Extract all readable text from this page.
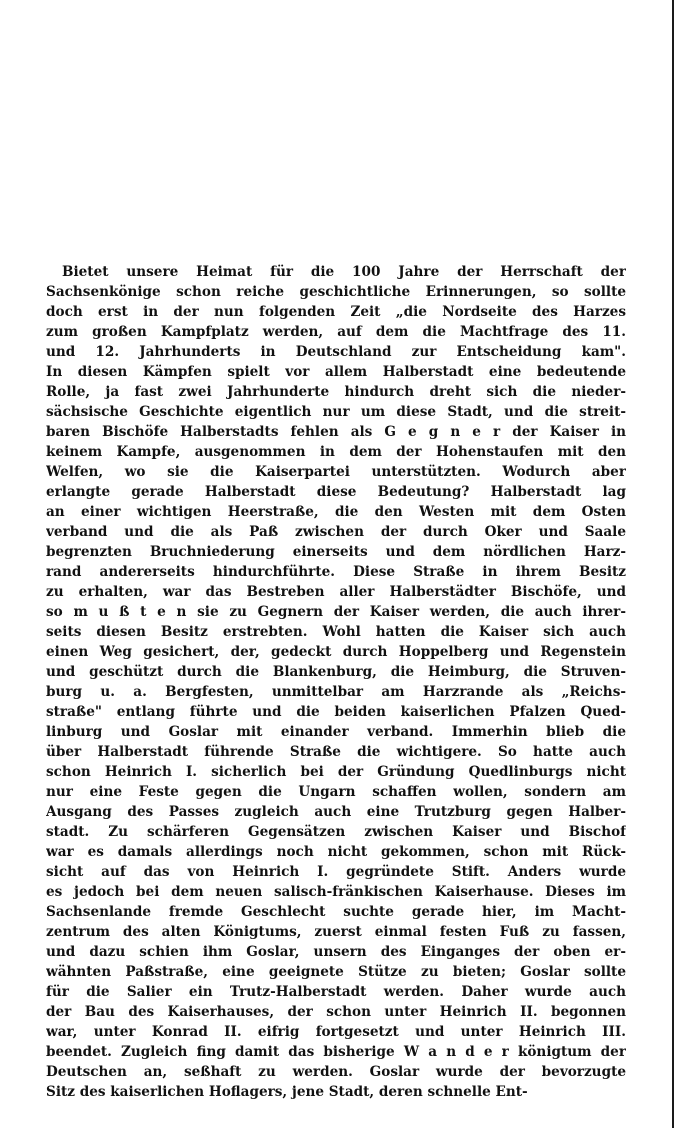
Bietet unsere Heimat für die 100 Jahre der Herrschaft der
Sachsenkönige schon reiche geschichtliche Erinnerungen, so sollte
doch erst in der nun folgenden Zeit „die Nordseite des Harzes
zum großen Kampfplatz werden, auf dem die Machtfrage des 11.
und 12. Jahrhunderts in Deutschland zur Entscheidung kam".
In diesen Kämpfen spielt vor allem Halberstadt eine bedeutende
Rolle, ja fast zwei Jahrhunderte hindurch dreht sich die nieder-
sächsische Geschichte eigentlich nur um diese Stadt, und die streit-
baren Bischöfe Halberstadts fehlen als G e g n e r der Kaiser in
keinem Kampfe, ausgenommen in dem der Hohenstaufen mit den
Welfen, wo sie die Kaiserpartei unterstützten. Wodurch aber
erlangte gerade Halberstadt diese Bedeutung? Halberstadt lag
an einer wichtigen Heerstraße, die den Westen mit dem Osten
verband und die als Paß zwischen der durch Oker und Saale
begrenzten Bruchniederung einerseits und dem nördlichen Harz-
rand andererseits hindurchführte. Diese Straße in ihrem Besitz
zu erhalten, war das Bestreben aller Halberstädter Bischöfe, und
so m u ß t e n sie zu Gegnern der Kaiser werden, die auch ihrer-
seits diesen Besitz erstrebten. Wohl hatten die Kaiser sich auch
einen Weg gesichert, der, gedeckt durch Hoppelberg und Regenstein
und geschützt durch die Blankenburg, die Heimburg, die Struven-
burg u. a. Bergfesten, unmittelbar am Harzrande als „Reichs-
straße" entlang führte und die beiden kaiserlichen Pfalzen Qued-
linburg und Goslar mit einander verband. Immerhin blieb die
über Halberstadt führende Straße die wichtigere. So hatte auch
schon Heinrich I. sicherlich bei der Gründung Quedlinburgs nicht
nur eine Feste gegen die Ungarn schaffen wollen, sondern am
Ausgang des Passes zugleich auch eine Trutzburg gegen Halber-
stadt. Zu schärferen Gegensätzen zwischen Kaiser und Bischof
war es damals allerdings noch nicht gekommen, schon mit Rück-
sicht auf das von Heinrich I. gegründete Stift. Anders wurde
es jedoch bei dem neuen salisch-fränkischen Kaiserhause. Dieses im
Sachsenlande fremde Geschlecht suchte gerade hier, im Macht-
zentrum des alten Königtums, zuerst einmal festen Fuß zu fassen,
und dazu schien ihm Goslar, unsern des Einganges der oben er-
wähnten Paßstraße, eine geeignete Stütze zu bieten; Goslar sollte
für die Salier ein Trutz-Halberstadt werden. Daher wurde auch
der Bau des Kaiserhauses, der schon unter Heinrich II. begonnen
war, unter Konrad II. eifrig fortgesetzt und unter Heinrich III.
beendet. Zugleich fing damit das bisherige W a n d e r königtum der
Deutschen an, seßhaft zu werden. Goslar wurde der bevorzugte
Sitz des kaiserlichen Hoflagers, jene Stadt, deren schnelle Ent-
